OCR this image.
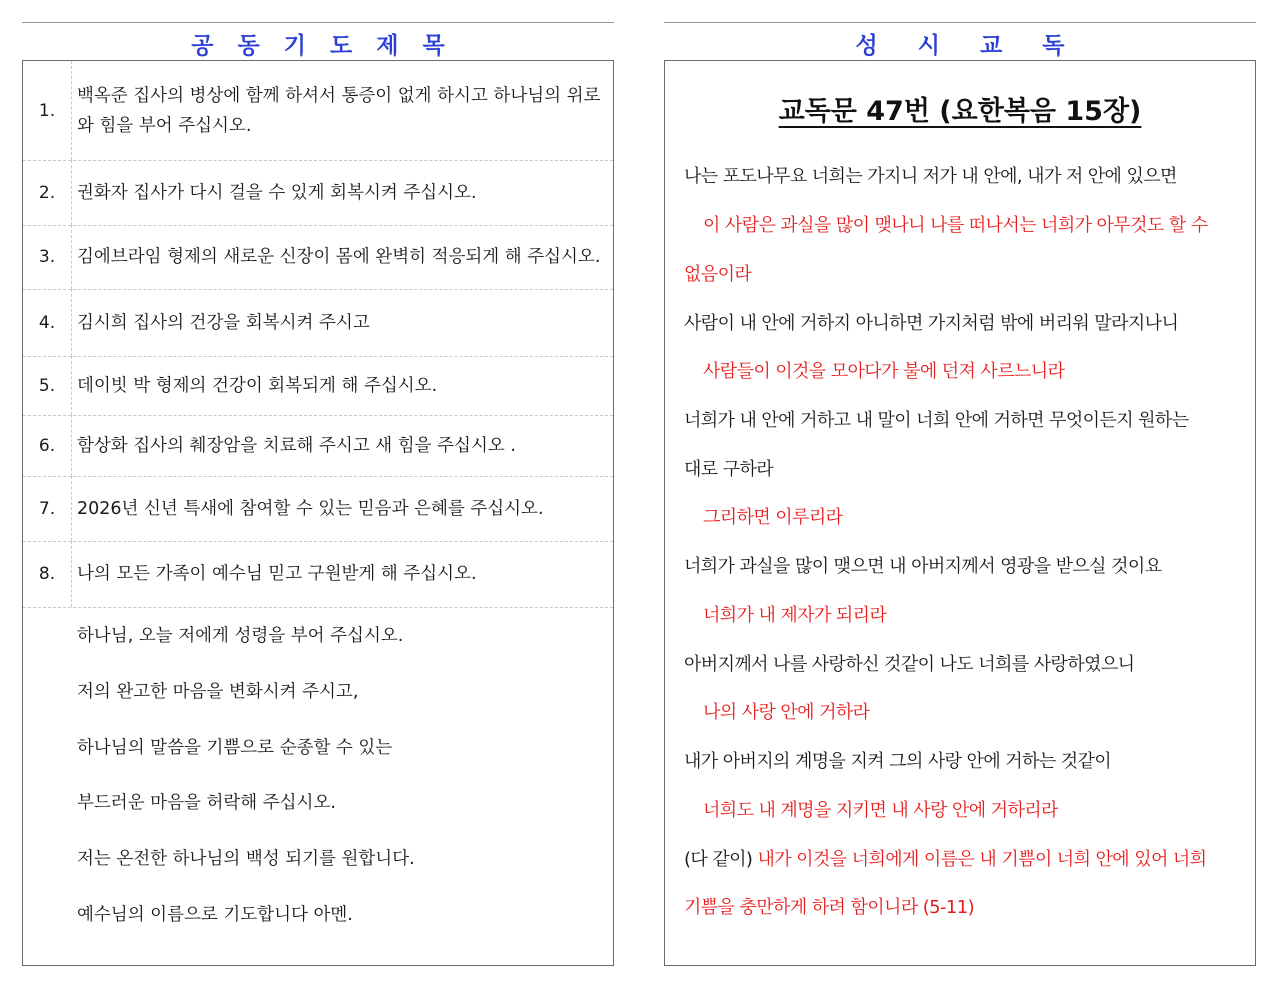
공   동   기   도   제   목
1.
백옥준 집사의 병상에 함께 하셔서 통증이 없게 하시고 하나님의 위로와 힘을 부어 주십시오.
2.	권화자 집사가 다시 걸을 수 있게 회복시켜 주십시오.
3.	김에브라임 형제의 새로운 신장이 몸에 완벽히 적응되게 해 주십시오.
4.	김시희 집사의 건강을 회복시켜 주시고
5.	데이빗 박 형제의 건강이 회복되게 해 주십시오.
6.	함상화 집사의 췌장암을 치료해 주시고 새 힘을 주십시오 .
7.	2026년 신년 특새에 참여할 수 있는 믿음과 은혜를 주십시오.
8.	나의 모든 가족이 예수님 믿고 구원받게 해 주십시오.
하나님, 오늘 저에게 성령을 부어 주십시오.
저의 완고한 마음을 변화시켜 주시고,
하나님의 말씀을 기쁨으로 순종할 수 있는
부드러운 마음을 허락해 주십시오.
저는 온전한 하나님의 백성 되기를 원합니다.
예수님의 이름으로 기도합니다 아멘.
성     시     교     독
교독문 47번 (요한복음 15장)
나는 포도나무요 너희는 가지니 저가 내 안에, 내가 저 안에 있으면
이 사람은 과실을 많이 맺나니 나를 떠나서는 너희가 아무것도 할 수
없음이라
사람이 내 안에 거하지 아니하면 가지처럼 밖에 버리워 말라지나니
사람들이 이것을 모아다가 불에 던져 사르느니라
너희가 내 안에 거하고 내 말이 너희 안에 거하면 무엇이든지 원하는
대로 구하라
그리하면 이루리라
너희가 과실을 많이 맺으면 내 아버지께서 영광을 받으실 것이요
너희가 내 제자가 되리라
아버지께서 나를 사랑하신 것같이 나도 너희를 사랑하였으니
나의 사랑 안에 거하라
내가 아버지의 계명을 지켜 그의 사랑 안에 거하는 것같이
너희도 내 계명을 지키면 내 사랑 안에 거하리라
(다 같이) 내가 이것을 너희에게 이름은 내 기쁨이 너희 안에 있어 너희
기쁨을 충만하게 하려 함이니라 (5-11)
